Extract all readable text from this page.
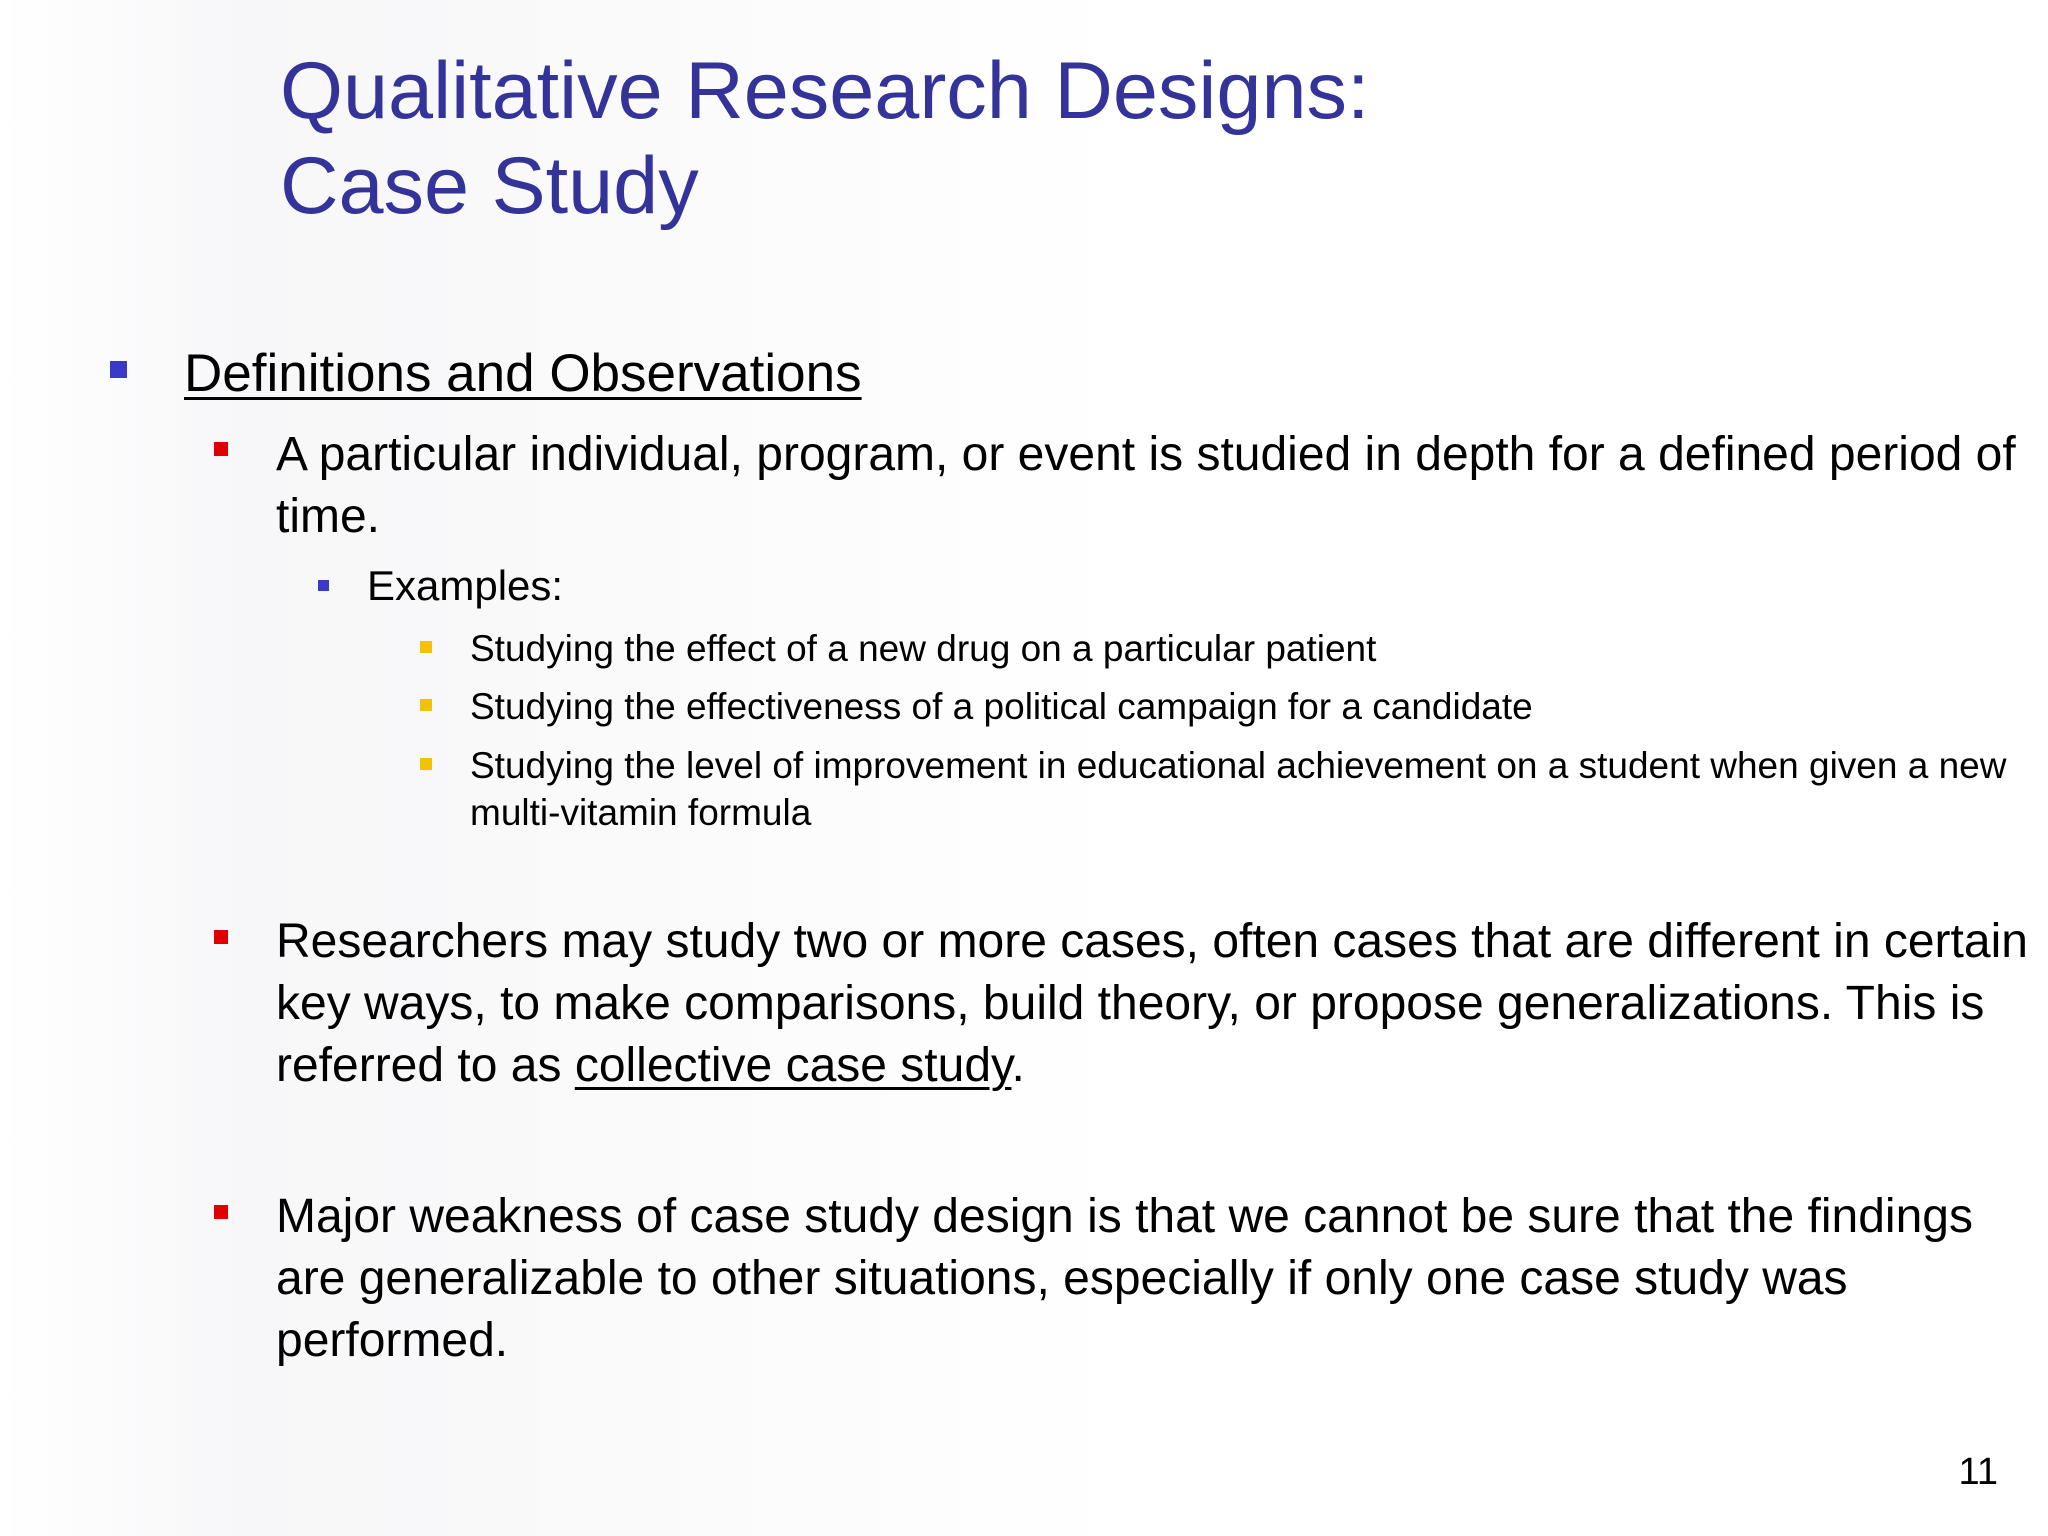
Qualitative Research Designs:
Case Study
Definitions and Observations
A particular individual, program, or event is studied in depth for a defined period of time.
Examples:
Studying the effect of a new drug on a particular patient
Studying the effectiveness of a political campaign for a candidate
Studying the level of improvement in educational achievement on a student when given a new multi-vitamin formula
Researchers may study two or more cases, often cases that are different in certain key ways, to make comparisons, build theory, or propose generalizations. This is referred to as collective case study.
Major weakness of case study design is that we cannot be sure that the findings are generalizable to other situations, especially if only one case study was performed.
11
